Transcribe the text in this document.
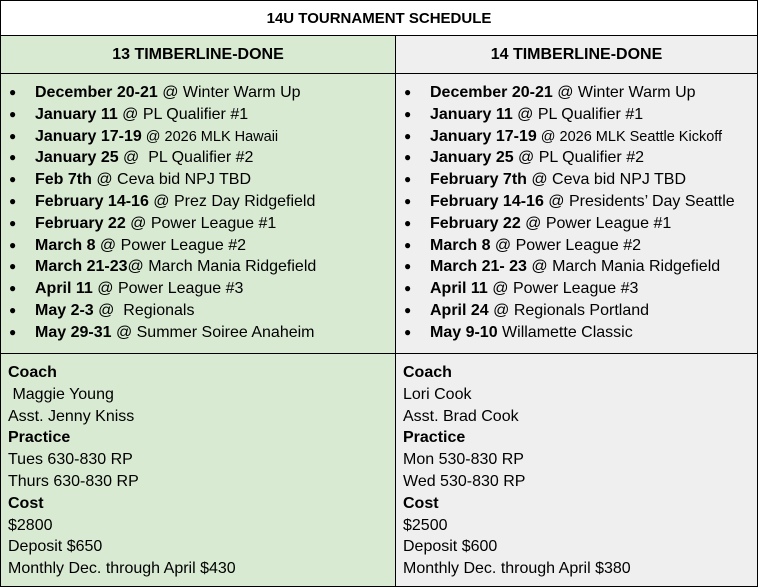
14U TOURNAMENT SCHEDULE
13 TIMBERLINE-DONE	14 TIMBERLINE-DONE
● December 20-21 @ Winter Warm Up
● January 11 @ PL Qualifier #1
● January 17-19 @ 2026 MLK Hawaii
● January 25 @  PL Qualifier #2
● Feb 7th @ Ceva bid NPJ TBD
● February 14-16 @ Prez Day Ridgefield
● February 22 @ Power League #1
● March 8 @ Power League #2
● March 21-23@ March Mania Ridgefield
● April 11 @ Power League #3
● May 2-3 @  Regionals
● May 29-31 @ Summer Soiree Anaheim
● December 20-21 @ Winter Warm Up
● January 11 @ PL Qualifier #1
● January 17-19 @ 2026 MLK Seattle Kickoff
● January 25 @ PL Qualifier #2
● February 7th @ Ceva bid NPJ TBD
● February 14-16 @ Presidents’ Day Seattle
● February 22 @ Power League #1
● March 8 @ Power League #2
● March 21- 23 @ March Mania Ridgefield
● April 11 @ Power League #3
● April 24 @ Regionals Portland
● May 9-10 Willamette Classic
Coach
Maggie Young
Asst. Jenny Kniss
Practice
Tues 630-830 RP
Thurs 630-830 RP
Cost
$2800
Deposit $650
Monthly Dec. through April $430
Coach
Lori Cook
Asst. Brad Cook
Practice
Mon 530-830 RP
Wed 530-830 RP
Cost
$2500
Deposit $600
Monthly Dec. through April $380
